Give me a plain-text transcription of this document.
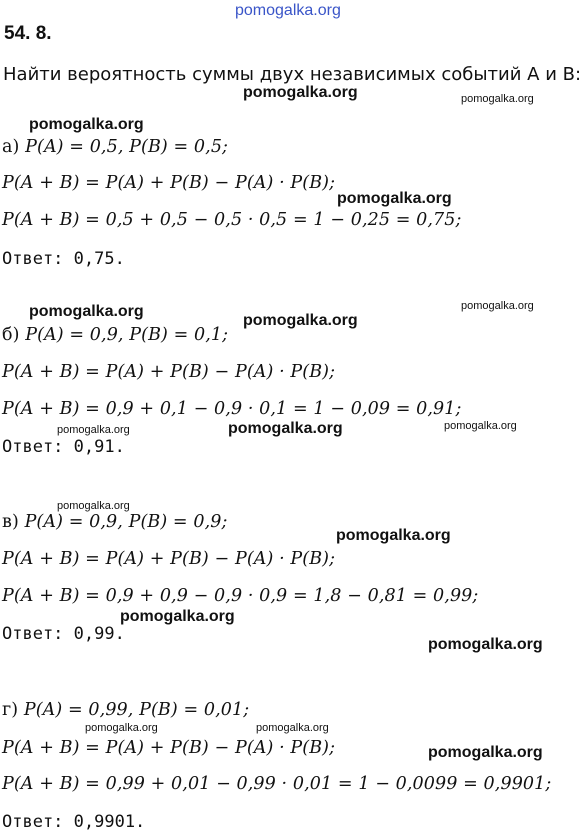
pomogalka.org
pomogalka.org	pomogalka.org
pomogalka.org
pomogalka.org
pomogalka.org	pomogalka.org
pomogalka.org
pomogalka.org	pomogalka.org	pomogalka.org
pomogalka.org
pomogalka.org
pomogalka.org
pomogalka.org
pomogalka.org	pomogalka.org
pomogalka.org
54. 8.
Найти вероятность суммы двух независимых событий A и B:
а) P(A) = 0,5, P(B) = 0,5;
P(A + B) = P(A) + P(B) − P(A) · P(B);
P(A + B) = 0,5 + 0,5 − 0,5 · 0,5 = 1 − 0,25 = 0,75;
Ответ: 0,75.
б) P(A) = 0,9, P(B) = 0,1;
P(A + B) = P(A) + P(B) − P(A) · P(B);
P(A + B) = 0,9 + 0,1 − 0,9 · 0,1 = 1 − 0,09 = 0,91;
Ответ: 0,91.
в) P(A) = 0,9, P(B) = 0,9;
P(A + B) = P(A) + P(B) − P(A) · P(B);
P(A + B) = 0,9 + 0,9 − 0,9 · 0,9 = 1,8 − 0,81 = 0,99;
Ответ: 0,99.
г) P(A) = 0,99, P(B) = 0,01;
P(A + B) = P(A) + P(B) − P(A) · P(B);
P(A + B) = 0,99 + 0,01 − 0,99 · 0,01 = 1 − 0,0099 = 0,9901;
Ответ: 0,9901.
